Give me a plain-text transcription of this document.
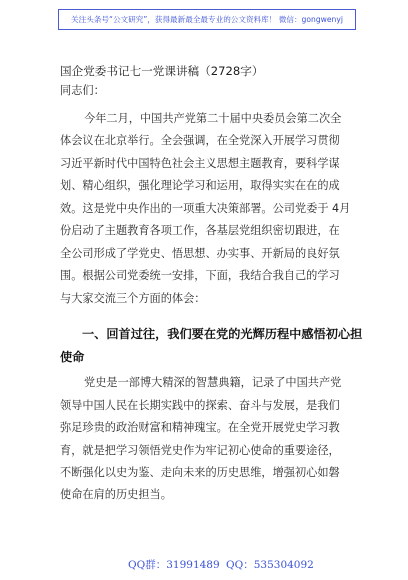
关注头条号“公文研究”，获得最新最全最专业的公文资料库！ 微信：gongwenyj
国企党委书记七一党课讲稿（2728字）
同志们：
今年二月，中国共产党第二十届中央委员会第二次全
体会议在北京举行。全会强调，在全党深入开展学习贯彻
习近平新时代中国特色社会主义思想主题教育，要科学谋
划、精心组织，强化理论学习和运用，取得实实在在的成
效。这是党中央作出的一项重大决策部署。公司党委于 4月
份启动了主题教育各项工作，各基层党组织密切跟进，在
全公司形成了学党史、悟思想、办实事、开新局的良好氛
围。根据公司党委统一安排，下面，我结合我自己的学习
与大家交流三个方面的体会：
一、回首过往，我们要在党的光辉历程中感悟初心担
使命
党史是一部博大精深的智慧典籍，记录了中国共产党
领导中国人民在长期实践中的探索、奋斗与发展，是我们
弥足珍贵的政治财富和精神瑰宝。在全党开展党史学习教
育，就是把学习领悟党史作为牢记初心使命的重要途径，
不断强化以史为鉴、走向未来的历史思维，增强初心如磐
使命在肩的历史担当。
QQ群：31991489 QQ：535304092
